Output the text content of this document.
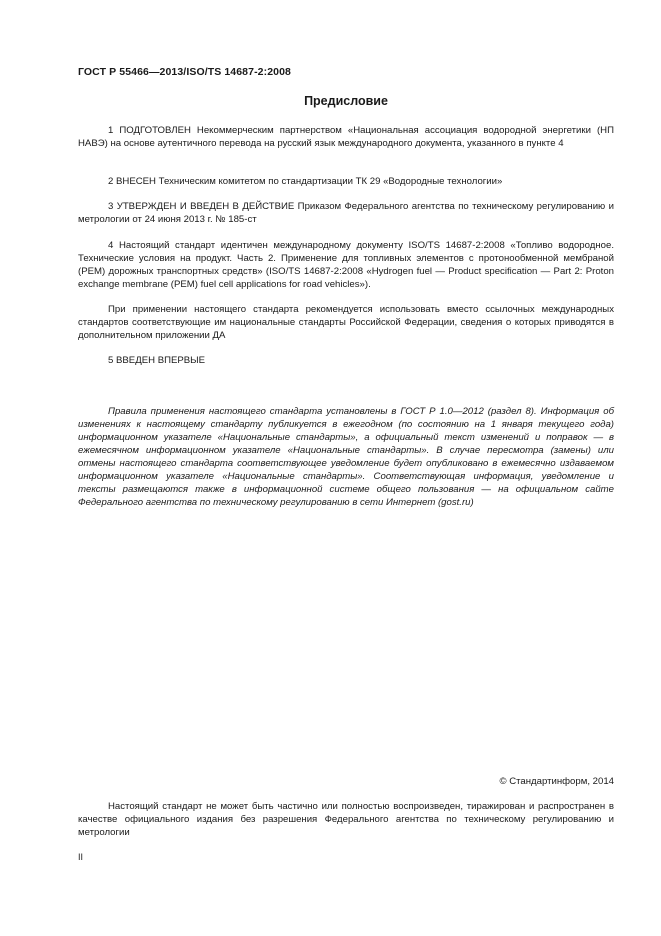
ГОСТ Р 55466—2013/ISO/TS 14687-2:2008
Предисловие

1 ПОДГОТОВЛЕН Некоммерческим партнерством «Национальная ассоциация водородной энергетики (НП НАВЭ) на основе аутентичного перевода на русский язык международного документа, указанного в пункте 4

2 ВНЕСЕН Техническим комитетом по стандартизации ТК 29 «Водородные технологии»

3 УТВЕРЖДЕН И ВВЕДЕН В ДЕЙСТВИЕ Приказом Федерального агентства по техническому регулированию и метрологии от 24 июня 2013 г. № 185-ст

4 Настоящий стандарт идентичен международному документу ISO/TS 14687-2:2008 «Топливо водородное. Технические условия на продукт. Часть 2. Применение для топливных элементов с протонообменной мембраной (PEM) дорожных транспортных средств» (ISO/TS 14687-2:2008 «Hydrogen fuel — Product specification — Part 2: Proton exchange membrane (PEM) fuel cell applications for road vehicles»).

При применении настоящего стандарта рекомендуется использовать вместо ссылочных международных стандартов соответствующие им национальные стандарты Российской Федерации, сведения о которых приводятся в дополнительном приложении ДА

5 ВВЕДЕН ВПЕРВЫЕ

Правила применения настоящего стандарта установлены в ГОСТ Р 1.0—2012 (раздел 8). Информация об изменениях к настоящему стандарту публикуется в ежегодном (по состоянию на 1 января текущего года) информационном указателе «Национальные стандарты», а официальный текст изменений и поправок — в ежемесячном информационном указателе «Национальные стандарты». В случае пересмотра (замены) или отмены настоящего стандарта соответствующее уведомление будет опубликовано в ежемесячно издаваемом информационном указателе «Национальные стандарты». Соответствующая информация, уведомление и тексты размещаются также в информационной системе общего пользования — на официальном сайте Федерального агентства по техническому регулированию в сети Интернет (gost.ru)

© Стандартинформ, 2014

Настоящий стандарт не может быть частично или полностью воспроизведен, тиражирован и распространен в качестве официального издания без разрешения Федерального агентства по техническому регулированию и метрологии

II
